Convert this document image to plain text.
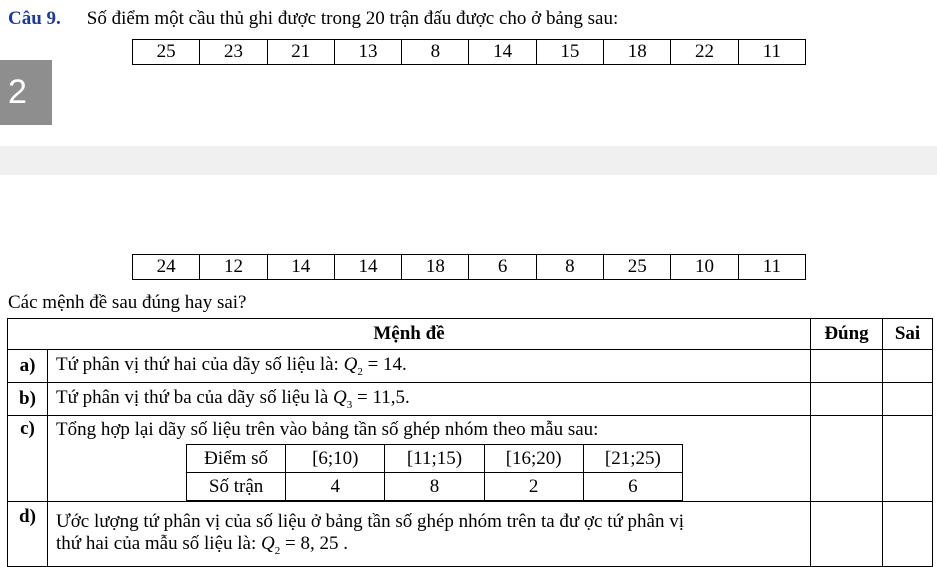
Câu 9. Số điểm một cầu thủ ghi được trong 20 trận đấu được cho ở bảng sau:
25	23	21	13	8	14	15	18	22	11
2
24	12	14	14	18	6	8	25	10	11
Các mệnh đề sau đúng hay sai?
Mệnh đề	Đúng	Sai
a)	Tứ phân vị thứ hai của dãy số liệu là: $Q_2 = 14$.		
b)	Tứ phân vị thứ ba của dãy số liệu là $Q_3 = 11,5$.		
c)	Tổng hợp lại dãy số liệu trên vào bảng tần số ghép nhóm theo mẫu sau:
Điểm số	[6;10)	[11;15)	[16;20)	[21;25)
Số trận	4	8	2	6

d)	Ước lượng tứ phân vị của số liệu ở bảng tần số ghép nhóm trên ta đư ợc tứ phân vị
thứ hai của mẫu số liệu là: $Q_2 = 8$, 25 .
